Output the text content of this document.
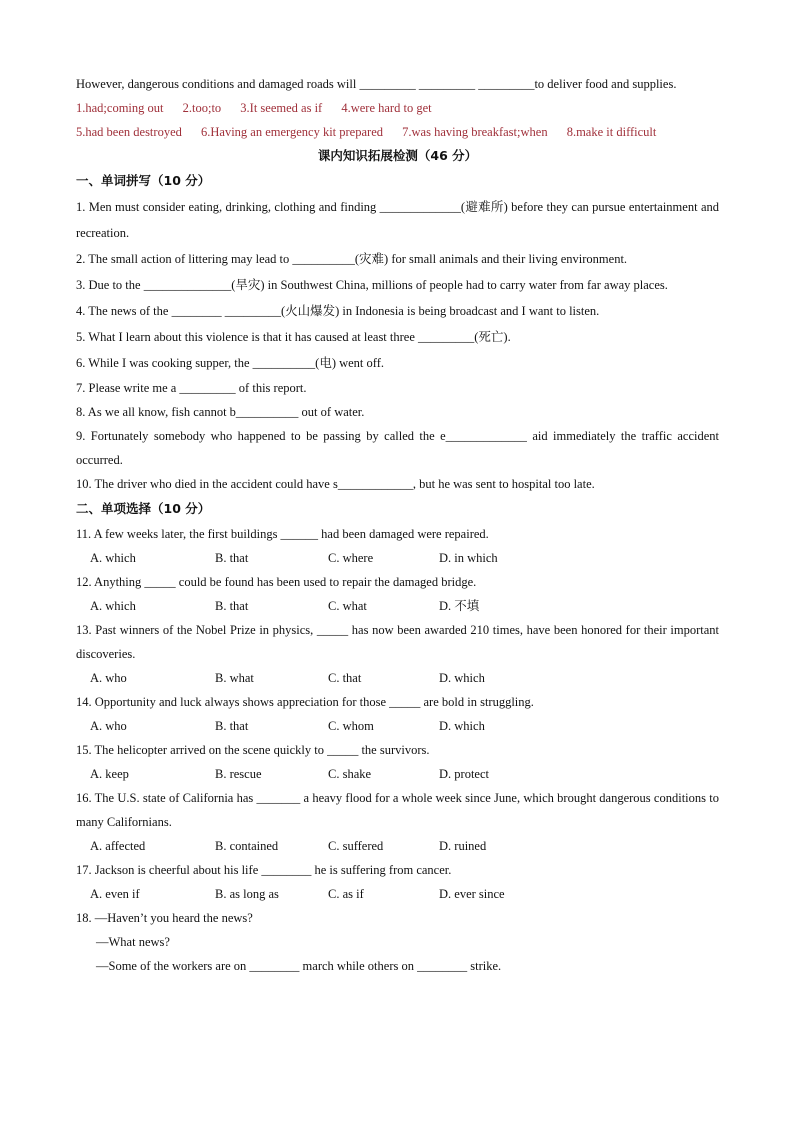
However, dangerous conditions and damaged roads will _________ _________ _________to deliver food and supplies.

1.had;coming out 2.too;to 3.It seemed as if 4.were hard to get

5.had been destroyed 6.Having an emergency kit prepared 7.was having breakfast;when 8.make it difficult

课内知识拓展检测（46 分）

一、单词拼写（10 分）

1. Men must consider eating, drinking, clothing and finding _____________(避难所) before they can pursue entertainment and recreation.

2. The small action of littering may lead to __________(灾难) for small animals and their living environment.

3. Due to the ______________(旱灾) in Southwest China, millions of people had to carry water from far away places.

4. The news of the ________ _________(火山爆发) in Indonesia is being broadcast and I want to listen.

5. What I learn about this violence is that it has caused at least three _________(死亡).

6. While I was cooking supper, the __________(电) went off.

7. Please write me a _________ of this report.

8. As we all know, fish cannot b__________ out of water.

9. Fortunately somebody who happened to be passing by called the e_____________ aid immediately the traffic accident occurred.

10. The driver who died in the accident could have s____________, but he was sent to hospital too late.

二、单项选择（10 分）

11. A few weeks later, the first buildings ______ had been damaged were repaired.

A. which	B. that	C. where	D. in which

12. Anything _____ could be found has been used to repair the damaged bridge.

A. which	B. that	C. what	D. 不填

13. Past winners of the Nobel Prize in physics, _____ has now been awarded 210 times, have been honored for their important discoveries.

A. who	B. what	C. that	D. which

14. Opportunity and luck always shows appreciation for those _____ are bold in struggling.

A. who	B. that	C. whom	D. which

15. The helicopter arrived on the scene quickly to _____ the survivors.

A. keep	B. rescue	C. shake	D. protect

16. The U.S. state of California has _______ a heavy flood for a whole week since June, which brought dangerous conditions to many Californians.

A. affected	B. contained	C. suffered	D. ruined

17. Jackson is cheerful about his life ________ he is suffering from cancer.

A. even if	B. as long as	C. as if	D. ever since

18. —Haven’t you heard the news?

—What news?

—Some of the workers are on ________ march while others on ________ strike.
